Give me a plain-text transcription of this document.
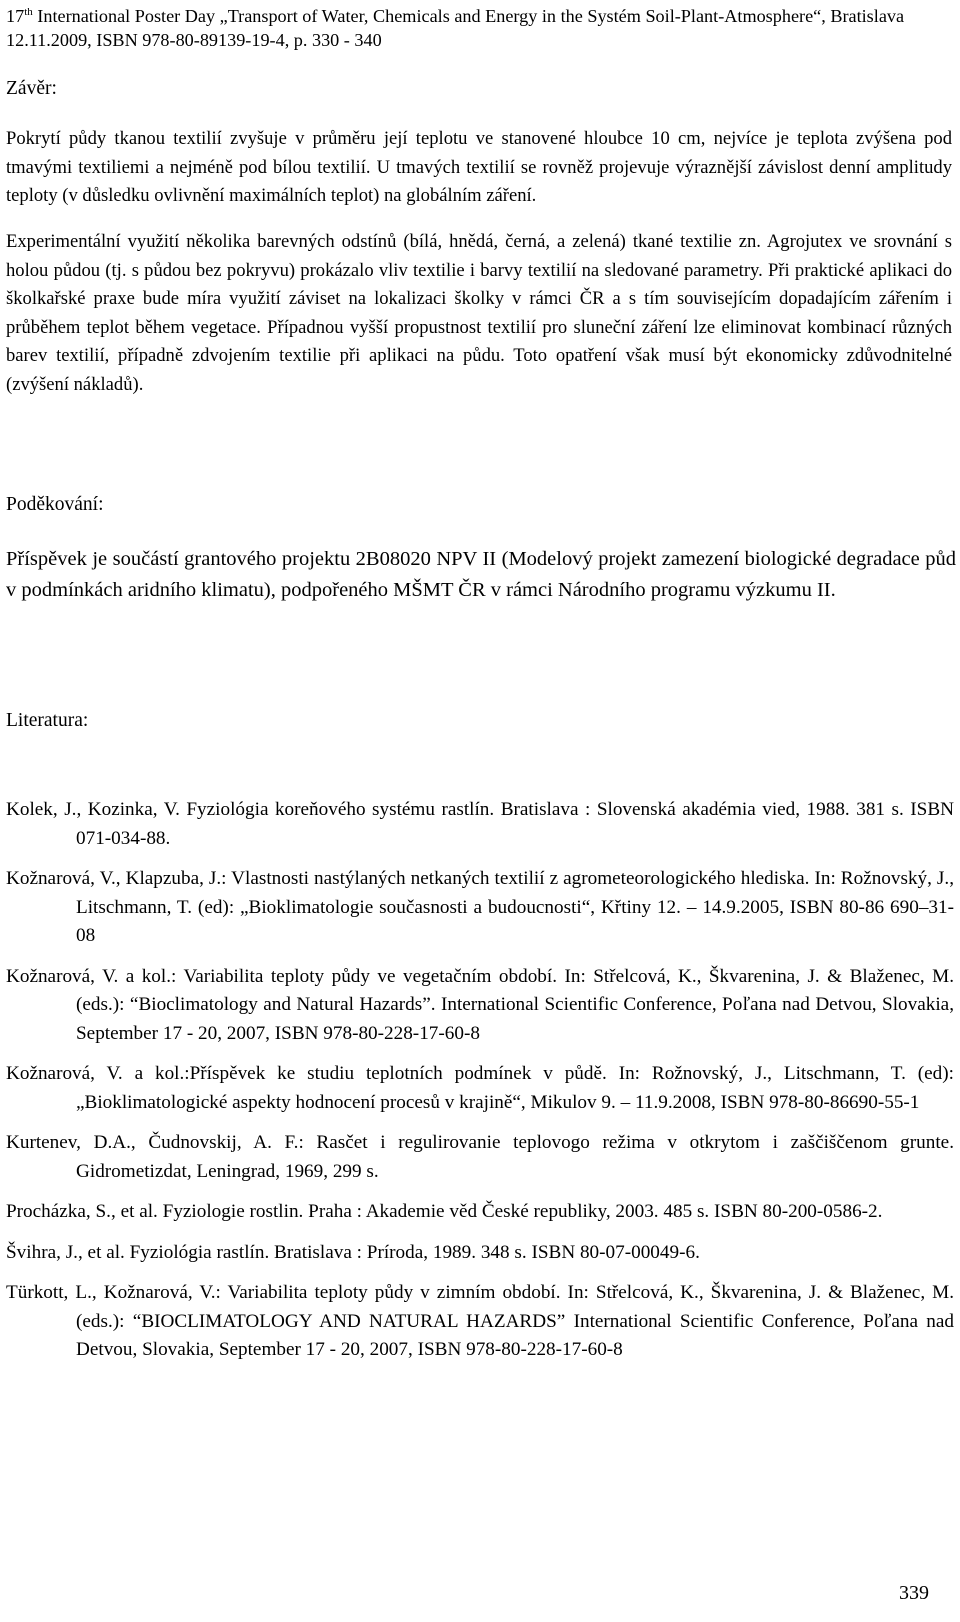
17th International Poster Day „Transport of Water, Chemicals and Energy in the Systém Soil-Plant-Atmosphere“, Bratislava 12.11.2009, ISBN 978-80-89139-19-4, p. 330 - 340
Závěr:

Pokrytí půdy tkanou textilií zvyšuje v průměru její teplotu ve stanovené hloubce 10 cm, nejvíce je teplota zvýšena pod tmavými textiliemi a nejméně pod bílou textilií. U tmavých textilií se rovněž projevuje výraznější závislost denní amplitudy teploty (v důsledku ovlivnění maximálních teplot) na globálním záření.

Experimentální využití několika barevných odstínů (bílá, hnědá, černá, a zelená) tkané textilie zn. Agrojutex ve srovnání s holou půdou (tj. s půdou bez pokryvu) prokázalo vliv textilie i barvy textilií na sledované parametry. Při praktické aplikaci do školkařské praxe bude míra využití záviset na lokalizaci školky v rámci ČR a s tím souvisejícím dopadajícím zářením i průběhem teplot během vegetace. Případnou vyšší propustnost textilií pro sluneční záření lze eliminovat kombinací různých barev textilií, případně zdvojením textilie při aplikaci na půdu. Toto opatření však musí být ekonomicky zdůvodnitelné (zvýšení nákladů).

Poděkování:

Příspěvek je součástí grantového projektu 2B08020 NPV II (Modelový projekt zamezení biologické degradace půd v podmínkách aridního klimatu), podpořeného MŠMT ČR v rámci Národního programu výzkumu II.

Literatura:

Kolek, J., Kozinka, V. Fyziológia koreňového systému rastlín. Bratislava : Slovenská akadémia vied, 1988. 381 s. ISBN 071-034-88.

Kožnarová, V., Klapzuba, J.: Vlastnosti nastýlaných netkaných textilií z agrometeorologického hlediska. In: Rožnovský, J., Litschmann, T. (ed): „Bioklimatologie současnosti a budoucnosti“, Křtiny 12. – 14.9.2005, ISBN 80-86 690–31-08

Kožnarová, V. a kol.: Variabilita teploty půdy ve vegetačním období. In: Střelcová, K., Škvarenina, J. & Blaženec, M. (eds.): “Bioclimatology and Natural Hazards”. International Scientific Conference, Poľana nad Detvou, Slovakia, September 17 - 20, 2007, ISBN 978-80-228-17-60-8

Kožnarová, V. a kol.:Příspěvek ke studiu teplotních podmínek v půdě. In: Rožnovský, J., Litschmann, T. (ed): „Bioklimatologické aspekty hodnocení procesů v krajině“, Mikulov 9. – 11.9.2008, ISBN 978-80-86690-55-1

Kurtenev, D.A., Čudnovskij, A. F.: Rasčet i regulirovanie teplovogo režima v otkrytom i zaščiščenom grunte. Gidrometizdat, Leningrad, 1969, 299 s.

Procházka, S., et al. Fyziologie rostlin. Praha : Akademie věd České republiky, 2003. 485 s. ISBN 80-200-0586-2.

Švihra, J., et al. Fyziológia rastlín. Bratislava : Príroda, 1989. 348 s. ISBN 80-07-00049-6.

Türkott, L., Kožnarová, V.: Variabilita teploty půdy v zimním období. In: Střelcová, K., Škvarenina, J. & Blaženec, M. (eds.): “BIOCLIMATOLOGY AND NATURAL HAZARDS” International Scientific Conference, Poľana nad Detvou, Slovakia, September 17 - 20, 2007, ISBN 978-80-228-17-60-8

339
